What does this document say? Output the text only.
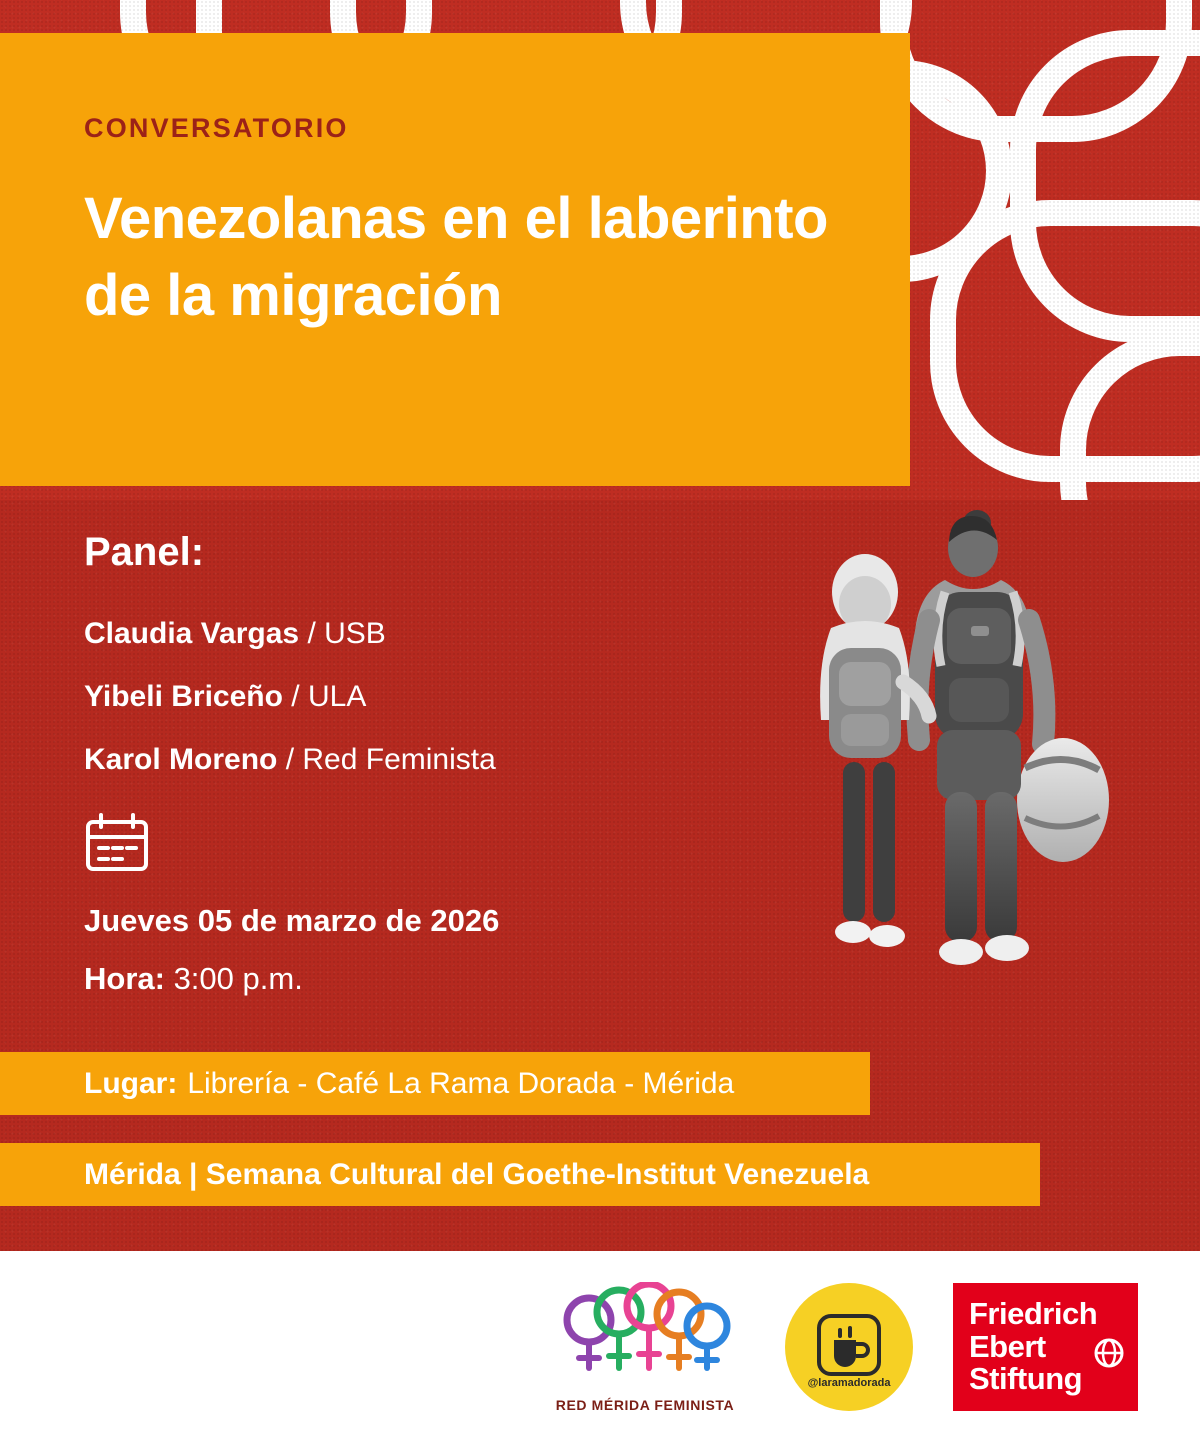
CONVERSATORIO
Venezolanas en el laberinto
de la migración
Panel:

Claudia Vargas / USB

Yibeli Briceño / ULA

Karol Moreno / Red Feminista

Jueves 05 de marzo de 2026

Hora: 3:00 p.m.

Lugar: Librería - Café La Rama Dorada - Mérida
Mérida | Semana Cultural del Goethe-Institut Venezuela
RED MÉRIDA FEMINISTA
@laramadorada
Friedrich
Ebert
Stiftung
